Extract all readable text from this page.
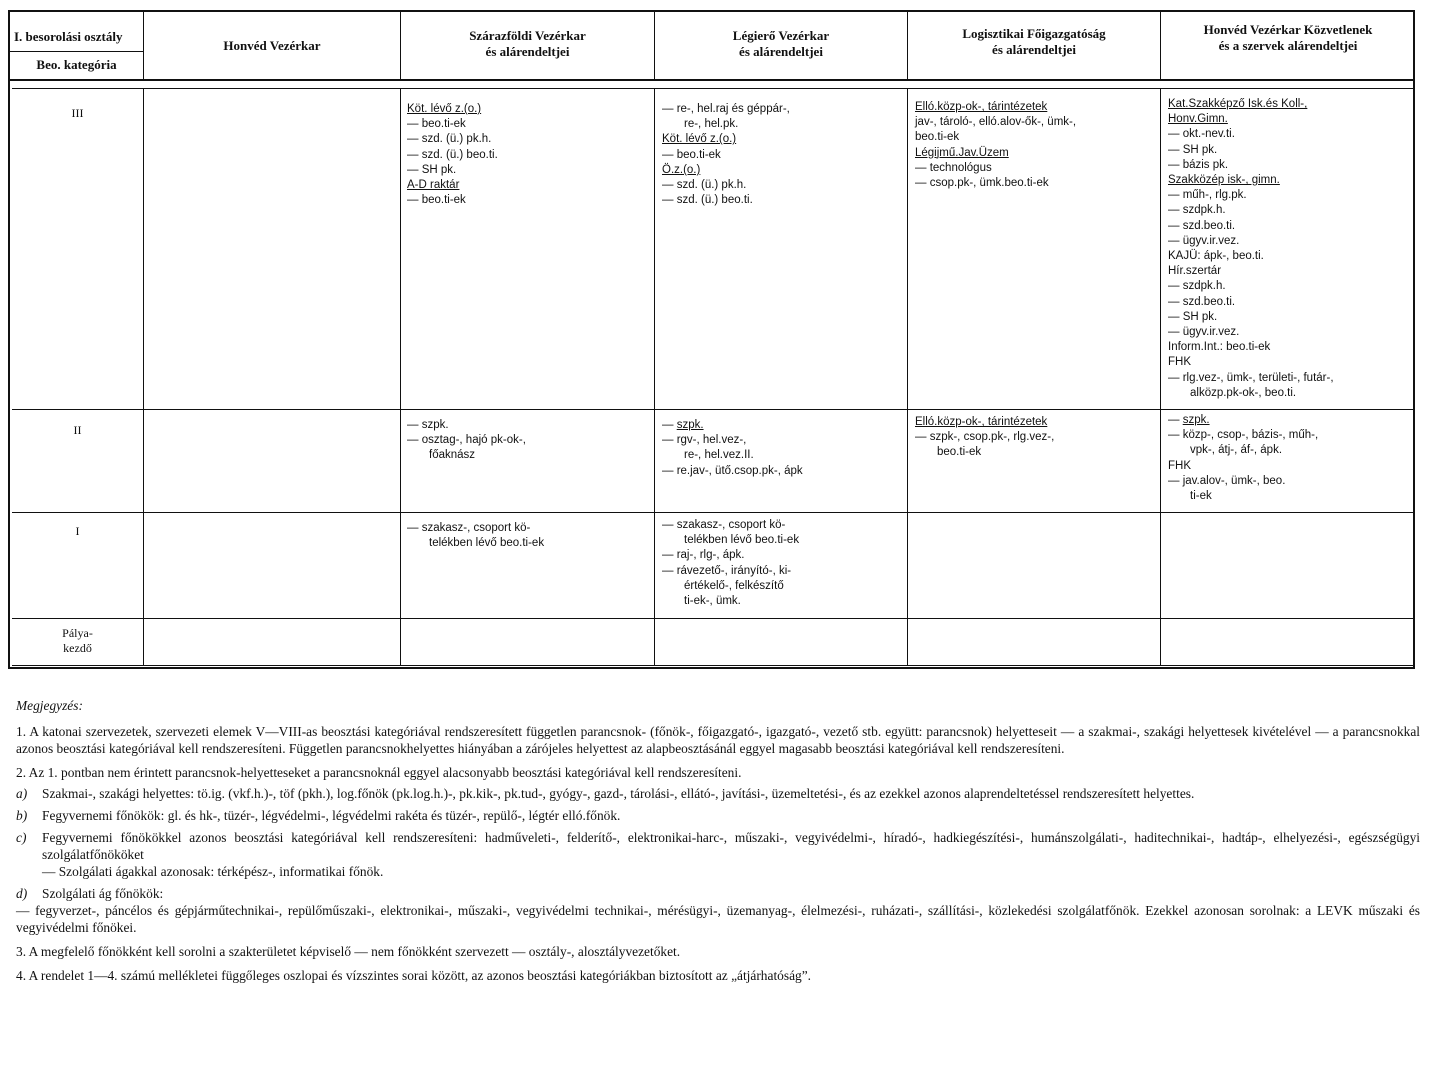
I. besorolási osztály
Beo. kategória
Honvéd Vezérkar
Szárazföldi Vezérkar
és alárendeltjei
Légierő Vezérkar
és alárendeltjei
Logisztikai Főigazgatóság
és alárendeltjei
Honvéd Vezérkar Közvetlenek
és a szervek alárendeltjei
III
II
I
Pálya-
kezdő
Köt. lévő z.(o.)
— beo.ti-ek
— szd. (ü.) pk.h.
— szd. (ü.) beo.ti.
— SH pk.
A-D raktár
— beo.ti-ek
— re-, hel.raj és géppár-,
re-, hel.pk.
Köt. lévő z.(o.)
— beo.ti-ek
Ö.z.(o.)
— szd. (ü.) pk.h.
— szd. (ü.) beo.ti.
Elló.közp-ok-, tárintézetek
jav-, tároló-, elló.alov-ők-, ümk-,
beo.ti-ek
Légijmű.Jav.Üzem
— technológus
— csop.pk-, ümk.beo.ti-ek
Kat.Szakképző Isk.és Koll-,
Honv.Gimn.
— okt.-nev.ti.
— SH pk.
— bázis pk.
Szakközép isk-, gimn.
— műh-, rlg.pk.
— szdpk.h.
— szd.beo.ti.
— ügyv.ir.vez.
KAJÜ: ápk-, beo.ti.
Hír.szertár
— szdpk.h.
— szd.beo.ti.
— SH pk.
— ügyv.ir.vez.
Inform.Int.: beo.ti-ek
FHK
— rlg.vez-, ümk-, területi-, futár-,
alközp.pk-ok-, beo.ti.
— szpk.
— osztag-, hajó pk-ok-,
főaknász
— szpk.
— rgv-, hel.vez-,
re-, hel.vez.II.
— re.jav-, ütő.csop.pk-, ápk
Elló.közp-ok-, tárintézetek
— szpk-, csop.pk-, rlg.vez-,
beo.ti-ek
— szpk.
— közp-, csop-, bázis-, műh-,
vpk-, átj-, áf-, ápk.
FHK
— jav.alov-, ümk-, beo.
ti-ek
— szakasz-, csoport kö-
telékben lévő beo.ti-ek
— szakasz-, csoport kö-
telékben lévő beo.ti-ek
— raj-, rlg-, ápk.
— rávezető-, irányító-, ki-
értékelő-, felkészítő
ti-ek-, ümk.

Megjegyzés:

1. A katonai szervezetek, szervezeti elemek V—VIII-as beosztási kategóriával rendszeresített független parancsnok- (főnök-, főigazgató-, igazgató-, vezető stb. együtt: parancsnok) helyetteseit — a szakmai-, szakági helyettesek kivételével — a parancsnokkal azonos beosztási kategóriával kell rendszeresíteni. Független parancsnokhelyettes hiányában a zárójeles helyettest az alapbeosztásánál eggyel magasabb beosztási kategóriával kell rendszeresíteni.

2. Az 1. pontban nem érintett parancsnok-helyetteseket a parancsnoknál eggyel alacsonyabb beosztási kategóriával kell rendszeresíteni.

a) Szakmai-, szakági helyettes: tö.ig. (vkf.h.)-, töf (pkh.), log.főnök (pk.log.h.)-, pk.kik-, pk.tud-, gyógy-, gazd-, tárolási-, ellátó-, javítási-, üzemeltetési-, és az ezekkel azonos alaprendeltetéssel rendszeresített helyettes.
b) Fegyvernemi főnökök: gl. és hk-, tüzér-, légvédelmi-, légvédelmi rakéta és tüzér-, repülő-, légtér elló.főnök.
c) Fegyvernemi főnökökkel azonos beosztási kategóriával kell rendszeresíteni: hadműveleti-, felderítő-, elektronikai-harc-, műszaki-, vegyivédelmi-, híradó-, hadkiegészítési-, humánszolgálati-, haditechnikai-, hadtáp-, elhelyezési-, egészségügyi szolgálatfőnököket
— Szolgálati ágakkal azonosak: térképész-, informatikai főnök.
d) Szolgálati ág főnökök:

— fegyverzet-, páncélos és gépjárműtechnikai-, repülőműszaki-, elektronikai-, műszaki-, vegyivédelmi technikai-, mérésügyi-, üzemanyag-, élelmezési-, ruházati-, szállítási-, közlekedési szolgálatfőnök. Ezekkel azonosan sorolnak: a LEVK műszaki és vegyivédelmi főnökei.

3. A megfelelő főnökként kell sorolni a szakterületet képviselő — nem főnökként szervezett — osztály-, alosztályvezetőket.

4. A rendelet 1—4. számú mellékletei függőleges oszlopai és vízszintes sorai között, az azonos beosztási kategóriákban biztosított az „átjárhatóság”.
